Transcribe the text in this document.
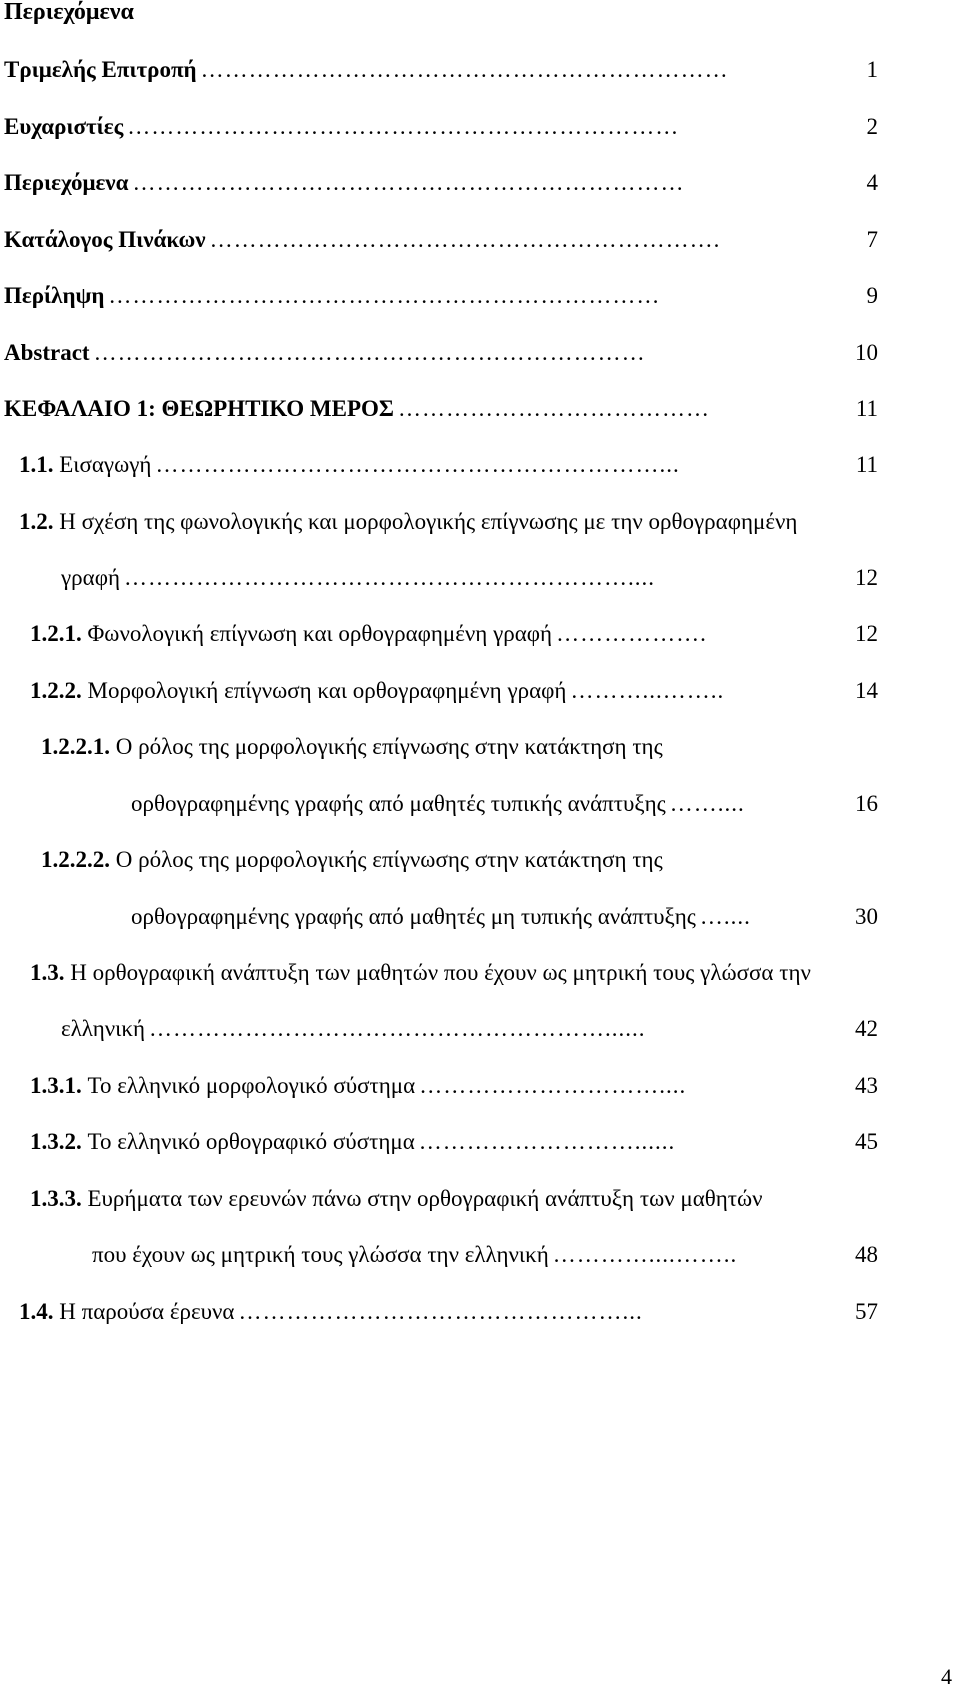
Περιεχόμενα
Τριμελής Επιτροπή …………………………………………………………	1
Ευχαριστίες ……………………………………………………………	2
Περιεχόμενα ……………………………………………………………	4
Κατάλογος Πινάκων ……………………………………………………….	7
Περίληψη ……………………………………………………………	9
Abstract ……………………………………………………………	10
ΚΕΦΑΛΑΙΟ 1: ΘΕΩΡΗΤΙΚΟ ΜΕΡΟΣ …………………………………	11
1.1. Εισαγωγή ………………………………………………………...	11
1.2. Η σχέση της φωνολογικής και μορφολογικής επίγνωσης με την ορθογραφημένη
γραφή ………………………………………………………....	12
1.2.1. Φωνολογική επίγνωση και ορθογραφημένη γραφή ……………….	12
1.2.2. Μορφολογική επίγνωση και ορθογραφημένη γραφή ………...……..	14
1.2.2.1. Ο ρόλος της μορφολογικής επίγνωσης στην κατάκτηση της
ορθογραφημένης γραφής από μαθητές τυπικής ανάπτυξης ……....	16
1.2.2.2. Ο ρόλος της μορφολογικής επίγνωσης στην κατάκτηση της
ορθογραφημένης γραφής από μαθητές μη τυπικής ανάπτυξης …....	30
1.3. Η ορθογραφική ανάπτυξη των μαθητών που έχουν ως μητρική τους γλώσσα την
ελληνική …………………………………………………......	42
1.3.1. Το ελληνικό μορφολογικό σύστημα …………………………....	43
1.3.2. Το ελληνικό ορθογραφικό σύστημα ………………………......	45
1.3.3. Ευρήματα των ερευνών πάνω στην ορθογραφική ανάπτυξη των μαθητών
που έχουν ως μητρική τους γλώσσα την ελληνική …………....……..	48
1.4. Η παρούσα έρευνα …………………………………………...	57
4
